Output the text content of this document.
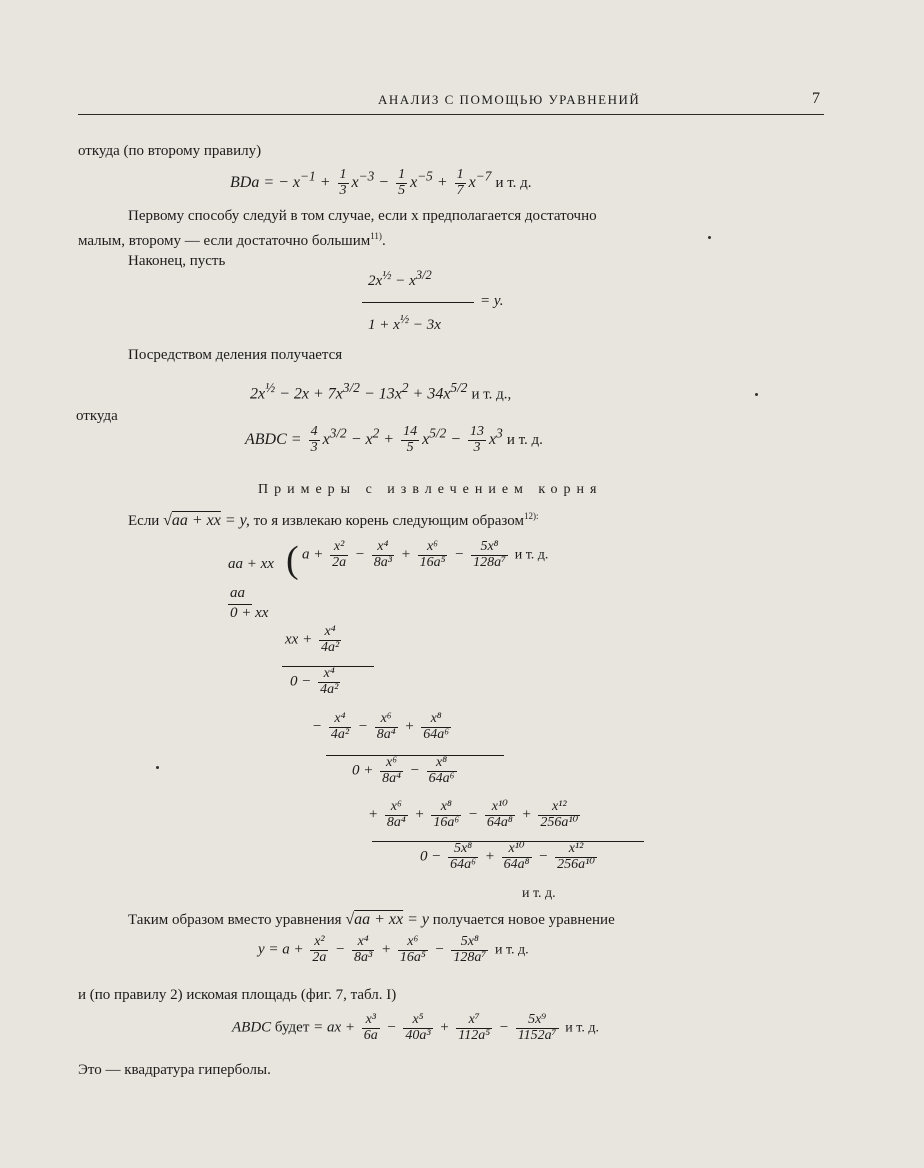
АНАЛИЗ С ПОМОЩЬЮ УРАВНЕНИЙ	7
откуда (по второму правилу)
BDa = − $x^{-1} + \frac{1}{3} x^{-3} - \frac{1}{5} x^{-5} + \frac{1}{7} x^{-7}$ и т. д.
Первому способу следуй в том случае, если x предполагается достаточно
малым, второму — если достаточно большим$^{11)}$.
Наконец, пусть
$2x^{\frac{1}{2}} - x^{3/2}$
= y.
$1 + x^{\frac{1}{2}} - 3x$
Посредством деления получается
$2x^{\frac{1}{2}} - 2x + 7x^{3/2} - 13x^2 + 34x^{5/2}$ и т. д.,
откуда
ABDC = $\frac{4}{3} x^{3/2} - x^2 + \frac{14}{5} x^{5/2} - \frac{13}{3} x^3$ и т. д.
Примеры с извлечением корня
Если √aa + xx = y, то я извлекаю корень следующим образом$^{12):}$
aa + xx ( $a + \frac{\text{x²}}{2a} - \frac{\text{x⁴}}{\text{8a³}} + \frac{\text{x⁶}}{\text{16a⁵}} - \frac{\text{5x⁸}}{\text{128a⁷}}$ и т. д.
aa
0 + xx
xx + $\frac{\text{x⁴}}{\text{4a²}}$
$0 - \frac{\text{x⁴}}{\text{4a²}}$
− $\frac{\text{x⁴}}{\text{4a²}} - \frac{\text{x⁶}}{\text{8a⁴}} + \frac{\text{x⁸}}{\text{64a⁶}}$
$0 + \frac{\text{x⁶}}{\text{8a⁴}} - \frac{\text{x⁸}}{\text{64a⁶}}$
+ $\frac{\text{x⁶}}{\text{8a⁴}} + \frac{\text{x⁸}}{\text{16a⁶}} - \frac{\text{x¹⁰}}{\text{64a⁸}} + \frac{\text{x¹²}}{\text{256a¹⁰}}$
$0 - \frac{\text{5x⁸}}{\text{64a⁶}} + \frac{\text{x¹⁰}}{\text{64a⁸}} - \frac{\text{x¹²}}{\text{256a¹⁰}}$
и т. д.
Таким образом вместо уравнения √aa + xx = y получается новое уравнение
$y = a + \frac{\text{x²}}{2a} - \frac{\text{x⁴}}{\text{8a³}} + \frac{\text{x⁶}}{\text{16a⁵}} - \frac{\text{5x⁸}}{\text{128a⁷}}$ и т. д.
и (по правилу 2) искомая площадь (фиг. 7, табл. I)
ABDC будет = ax + $\frac{\text{x³}}{6a} - \frac{\text{x⁵}}{\text{40a³}} + \frac{\text{x⁷}}{\text{112a⁵}} - \frac{\text{5x⁹}}{\text{1152a⁷}}$ и т. д.
Это — квадратура гиперболы.
